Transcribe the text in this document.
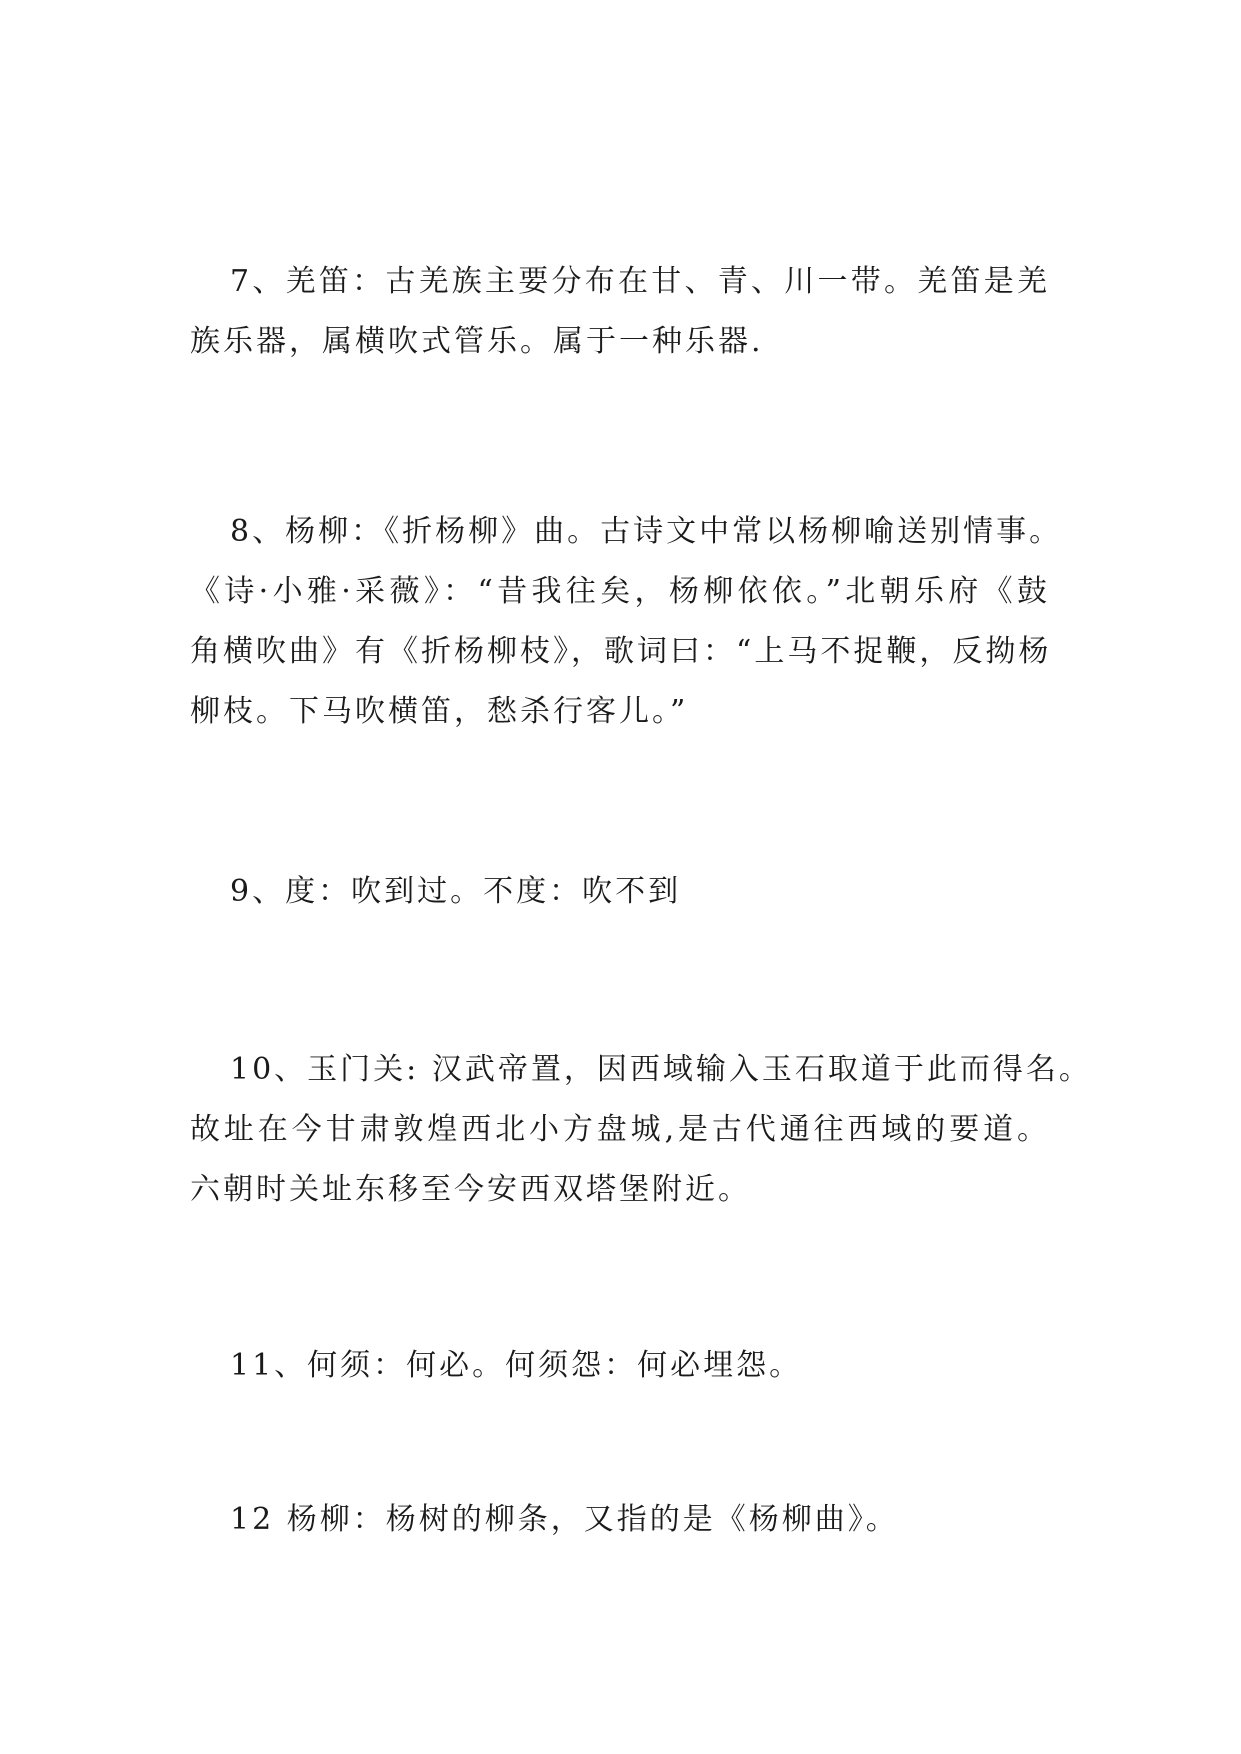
7、羌笛：古羌族主要分布在甘、青、川一带。羌笛是羌
族乐器，属横吹式管乐。属于一种乐器.

8、杨柳：《折杨柳》曲。古诗文中常以杨柳喻送别情事。
《诗·小雅·采薇》：“昔我往矣，杨柳依依。”北朝乐府《鼓
角横吹曲》有《折杨柳枝》，歌词曰：“上马不捉鞭，反拗杨
柳枝。下马吹横笛，愁杀行客儿。”

9、度：吹到过。不度：吹不到

10、玉门关: 汉武帝置，因西域输入玉石取道于此而得名。
故址在今甘肃敦煌西北小方盘城,是古代通往西域的要道。
六朝时关址东移至今安西双塔堡附近。

11、何须：何必。何须怨：何必埋怨。

12 杨柳：杨树的柳条，又指的是《杨柳曲》。
